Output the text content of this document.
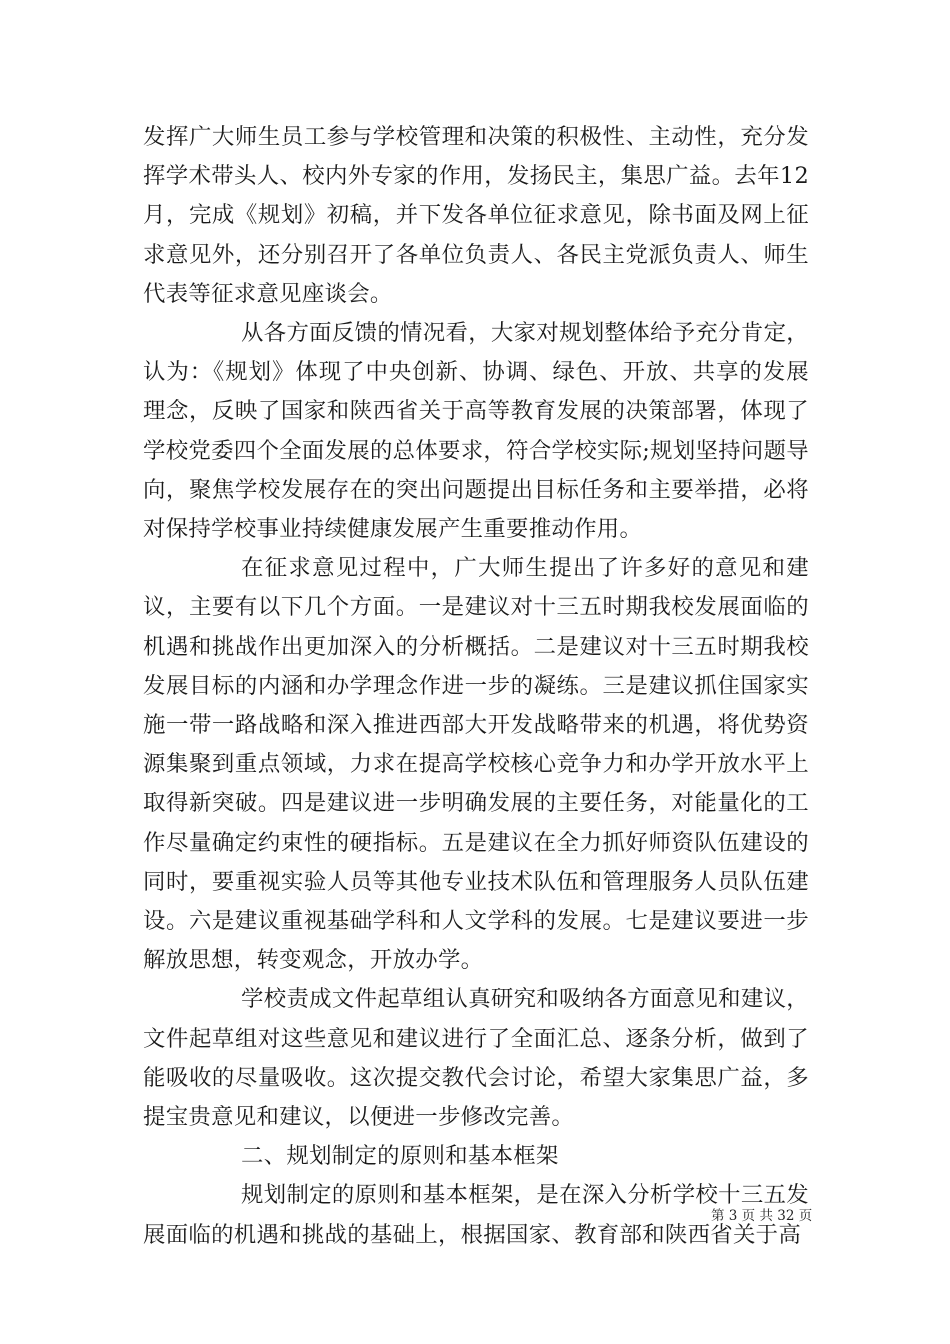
发挥广大师生员工参与学校管理和决策的积极性、主动性，充分发挥学术带头人、校内外专家的作用，发扬民主，集思广益。去年12月，完成《规划》初稿，并下发各单位征求意见，除书面及网上征求意见外，还分别召开了各单位负责人、各民主党派负责人、师生代表等征求意见座谈会。

从各方面反馈的情况看，大家对规划整体给予充分肯定，认为：《规划》体现了中央创新、协调、绿色、开放、共享的发展理念，反映了国家和陕西省关于高等教育发展的决策部署，体现了学校党委四个全面发展的总体要求，符合学校实际;规划坚持问题导向，聚焦学校发展存在的突出问题提出目标任务和主要举措，必将对保持学校事业持续健康发展产生重要推动作用。

在征求意见过程中，广大师生提出了许多好的意见和建议，主要有以下几个方面。一是建议对十三五时期我校发展面临的机遇和挑战作出更加深入的分析概括。二是建议对十三五时期我校发展目标的内涵和办学理念作进一步的凝练。三是建议抓住国家实施一带一路战略和深入推进西部大开发战略带来的机遇，将优势资源集聚到重点领域，力求在提高学校核心竞争力和办学开放水平上取得新突破。四是建议进一步明确发展的主要任务，对能量化的工作尽量确定约束性的硬指标。五是建议在全力抓好师资队伍建设的同时，要重视实验人员等其他专业技术队伍和管理服务人员队伍建设。六是建议重视基础学科和人文学科的发展。七是建议要进一步解放思想，转变观念，开放办学。

学校责成文件起草组认真研究和吸纳各方面意见和建议，文件起草组对这些意见和建议进行了全面汇总、逐条分析，做到了能吸收的尽量吸收。这次提交教代会讨论，希望大家集思广益，多提宝贵意见和建议，以便进一步修改完善。

二、规划制定的原则和基本框架

规划制定的原则和基本框架，是在深入分析学校十三五发展面临的机遇和挑战的基础上，根据国家、教育部和陕西省关于高

第 3 页 共 32 页
